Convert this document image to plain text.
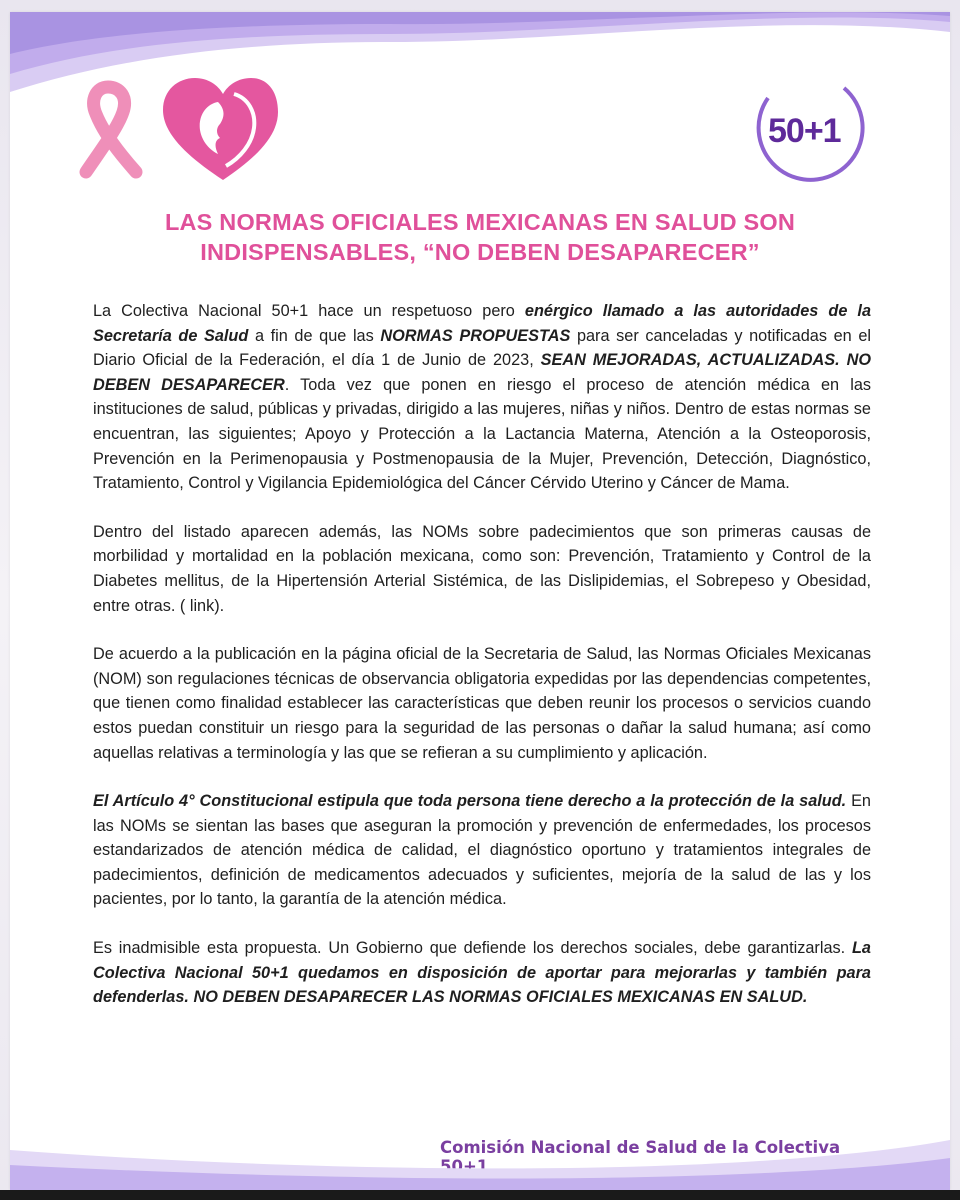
50+1
LAS NORMAS OFICIALES MEXICANAS EN SALUD SON
INDISPENSABLES, “NO DEBEN DESAPARECER”

La Colectiva Nacional 50+1 hace un respetuoso pero enérgico llamado a las autoridades de la Secretaría de Salud a fin de que las NORMAS PROPUESTAS para ser canceladas y notificadas en el Diario Oficial de la Federación, el día 1 de Junio de 2023, SEAN MEJORADAS, ACTUALIZADAS. NO DEBEN DESAPARECER. Toda vez que ponen en riesgo el proceso de atención médica en las instituciones de salud, públicas y privadas, dirigido a las mujeres, niñas y niños. Dentro de estas normas se encuentran, las siguientes; Apoyo y Protección a la Lactancia Materna, Atención a la Osteoporosis, Prevención en la Perimenopausia y Postmenopausia de la Mujer, Prevención, Detección, Diagnóstico, Tratamiento, Control y Vigilancia Epidemiológica del Cáncer Cérvido Uterino y Cáncer de Mama.

Dentro del listado aparecen además, las NOMs sobre padecimientos que son primeras causas de morbilidad y mortalidad en la población mexicana, como son: Prevención, Tratamiento y Control de la Diabetes mellitus, de la Hipertensión Arterial Sistémica, de las Dislipidemias, el Sobrepeso y Obesidad, entre otras. ( link).

De acuerdo a la publicación en la página oficial de la Secretaria de Salud, las Normas Oficiales Mexicanas (NOM) son regulaciones técnicas de observancia obligatoria expedidas por las dependencias competentes, que tienen como finalidad establecer las características que deben reunir los procesos o servicios cuando estos puedan constituir un riesgo para la seguridad de las personas o dañar la salud humana; así como aquellas relativas a terminología y las que se refieran a su cumplimiento y aplicación.

El Artículo 4° Constitucional estipula que toda persona tiene derecho a la protección de la salud. En las NOMs se sientan las bases que aseguran la promoción y prevención de enfermedades, los procesos estandarizados de atención médica de calidad, el diagnóstico oportuno y tratamientos integrales de padecimientos, definición de medicamentos adecuados y suficientes, mejoría de la salud de las y los pacientes, por lo tanto, la garantía de la atención médica.

Es inadmisible esta propuesta. Un Gobierno que defiende los derechos sociales, debe garantizarlas. La Colectiva Nacional 50+1 quedamos en disposición de aportar para mejorarlas y también para defenderlas. NO DEBEN DESAPARECER LAS NORMAS OFICIALES MEXICANAS EN SALUD.

Comisión Nacional de Salud de la Colectiva 50+1
